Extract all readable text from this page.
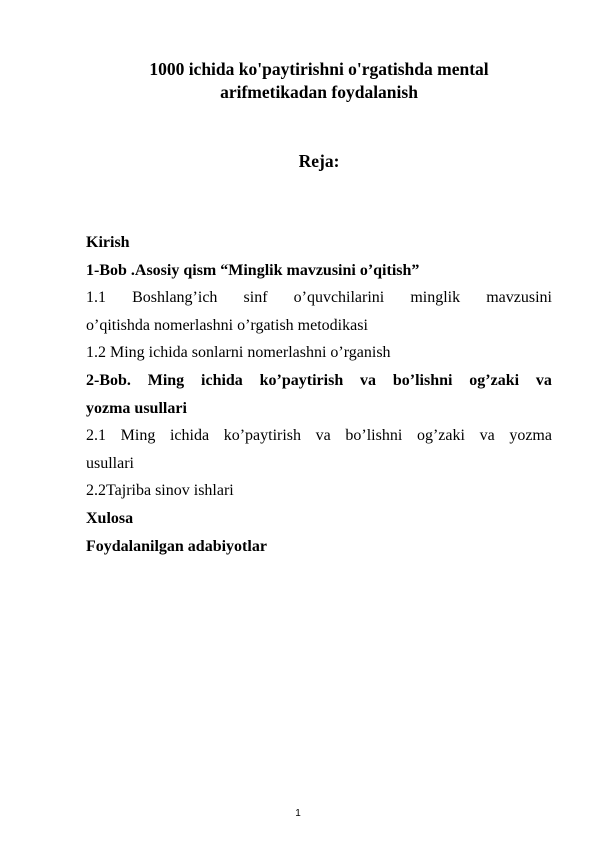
1000 ichida ko'paytirishni o'rgatishda mental
arifmetikadan foydalanish
Reja:
Kirish
1-Bob .Asosiy qism “Minglik mavzusini o’qitish”
1.1 Boshlang’ich sinf o’quvchilarini minglik mavzusini
o’qitishda nomerlashni o’rgatish metodikasi
1.2 Ming ichida sonlarni nomerlashni o’rganish
2-Bob. Ming ichida ko’paytirish va bo’lishni og’zaki va
yozma usullari
2.1 Ming ichida ko’paytirish va bo’lishni og’zaki va yozma
usullari
2.2Tajriba sinov ishlari
Xulosa
Foydalanilgan adabiyotlar
1
